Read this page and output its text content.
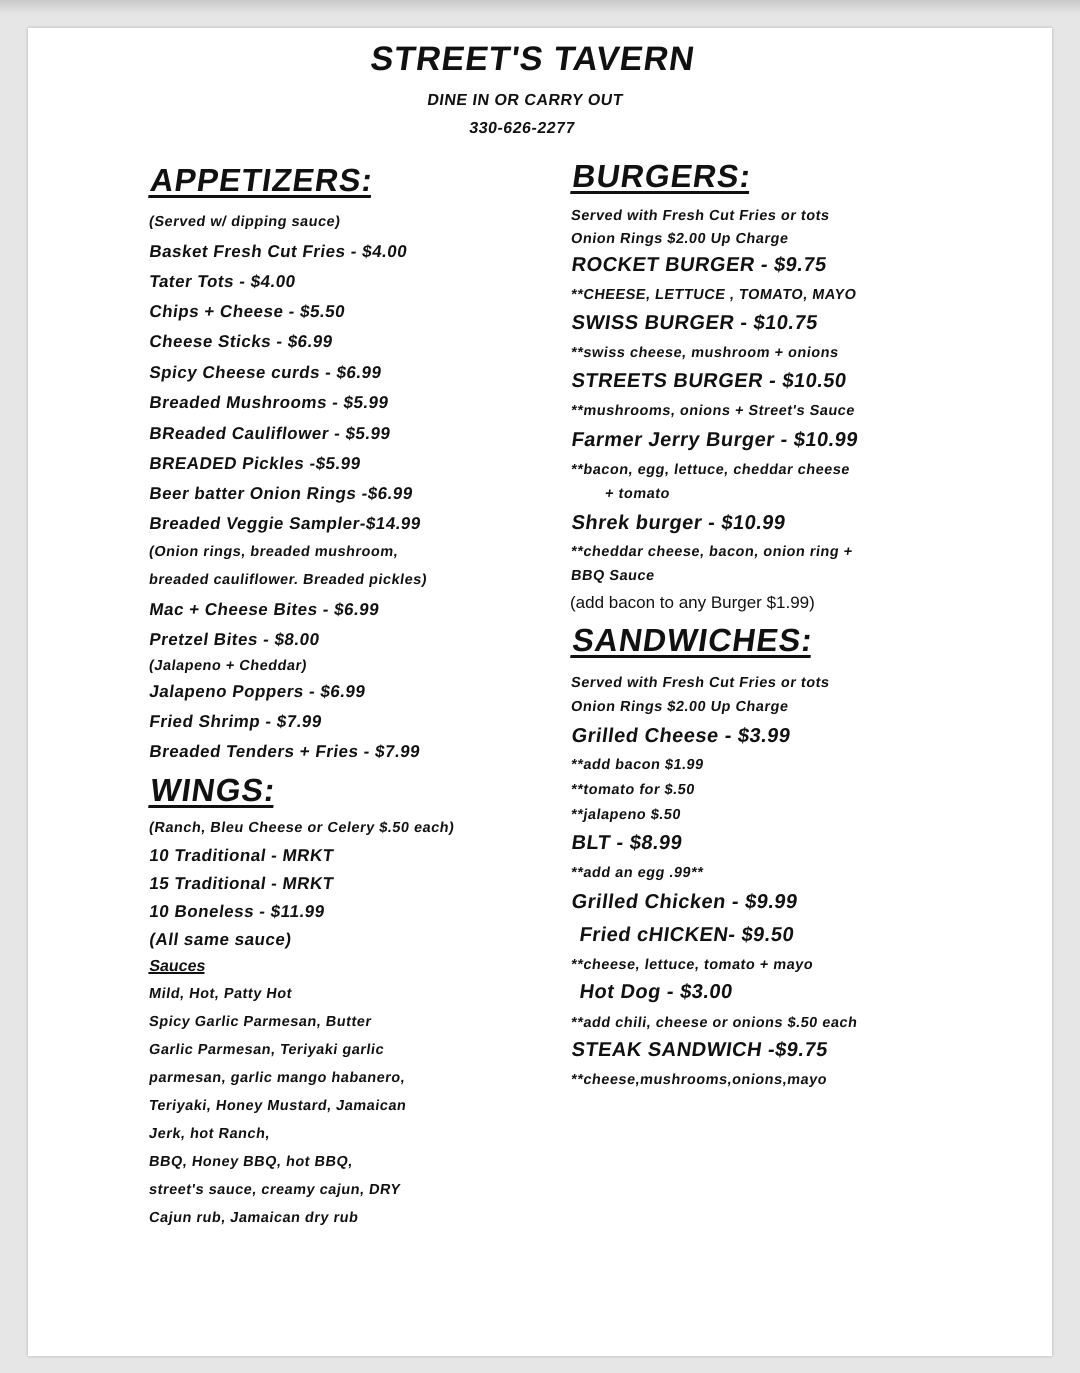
STREET'S TAVERN
DINE IN OR CARRY OUT
330-626-2277
APPETIZERS:
(Served w/ dipping sauce)
Basket Fresh Cut Fries - $4.00
Tater Tots - $4.00
Chips + Cheese - $5.50
Cheese Sticks - $6.99
Spicy Cheese curds - $6.99
Breaded Mushrooms - $5.99
BReaded Cauliflower - $5.99
BREADED Pickles -$5.99
Beer batter Onion Rings -$6.99
Breaded Veggie Sampler-$14.99
(Onion rings, breaded mushroom,
breaded cauliflower. Breaded pickles)
Mac + Cheese Bites - $6.99
Pretzel Bites - $8.00
(Jalapeno + Cheddar)
Jalapeno Poppers - $6.99
Fried Shrimp - $7.99
Breaded Tenders + Fries - $7.99
WINGS:
(Ranch, Bleu Cheese or Celery $.50 each)
10 Traditional - MRKT
15 Traditional - MRKT
10 Boneless - $11.99
(All same sauce)
Sauces
Mild, Hot, Patty Hot
Spicy Garlic Parmesan, Butter
Garlic Parmesan, Teriyaki garlic
parmesan, garlic mango habanero,
Teriyaki, Honey Mustard, Jamaican
Jerk, hot Ranch,
BBQ, Honey BBQ, hot BBQ,
street's sauce, creamy cajun, DRY
Cajun rub, Jamaican dry rub
BURGERS:
Served with Fresh Cut Fries or tots
Onion Rings $2.00 Up Charge
ROCKET BURGER - $9.75
**CHEESE, LETTUCE , TOMATO, MAYO
SWISS BURGER - $10.75
**swiss cheese, mushroom + onions
STREETS BURGER - $10.50
**mushrooms, onions + Street's Sauce
Farmer Jerry Burger - $10.99
**bacon, egg, lettuce, cheddar cheese
+ tomato
Shrek burger - $10.99
**cheddar cheese, bacon, onion ring +
BBQ Sauce
(add bacon to any Burger $1.99)
SANDWICHES:
Served with Fresh Cut Fries or tots
Onion Rings $2.00 Up Charge
Grilled Cheese - $3.99
**add bacon $1.99
**tomato for $.50
**jalapeno $.50
BLT - $8.99
**add an egg .99**
Grilled Chicken - $9.99
Fried cHICKEN- $9.50
**cheese, lettuce, tomato + mayo
Hot Dog - $3.00
**add chili, cheese or onions $.50 each
STEAK SANDWICH -$9.75
**cheese,mushrooms,onions,mayo
